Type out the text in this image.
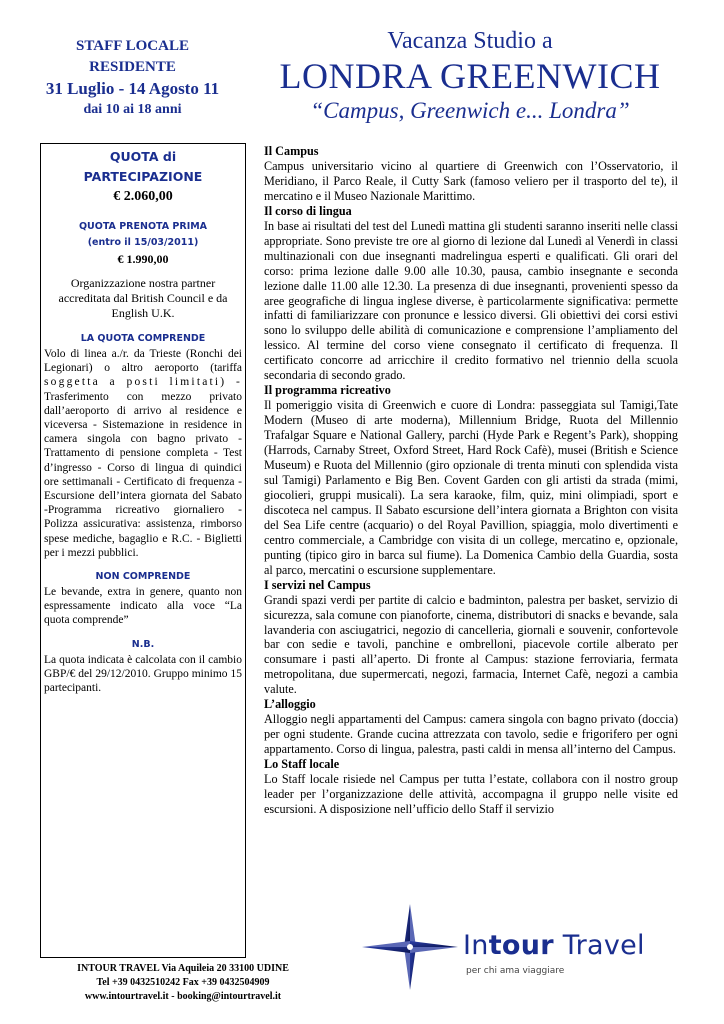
STAFF LOCALE
RESIDENTE
31 Luglio - 14 Agosto 11
dai 10 ai 18 anni
Vacanza Studio a
LONDRA GREENWICH
“Campus, Greenwich e... Londra”
QUOTA di
PARTECIPAZIONE
€ 2.060,00
QUOTA PRENOTA PRIMA
(entro il 15/03/2011)
€ 1.990,00
Organizzazione nostra partner accreditata dal British Council e da English U.K.
LA QUOTA COMPRENDE
Volo di linea a./r. da Trieste (Ronchi dei Legionari) o altro aeroporto (tariffa soggetta a posti limitati) - Trasferimento con mezzo privato dall’aeroporto di arrivo al residence e viceversa - Sistemazione in residence in camera singola con bagno privato - Trattamento di pensione completa - Test d’ingresso - Corso di lingua di quindici ore settimanali - Certificato di frequenza - Escursione dell’intera giornata del Sabato -Programma ricreativo giornaliero - Polizza assicurativa: assistenza, rimborso spese mediche, bagaglio e R.C. - Biglietti per i mezzi pubblici.
NON COMPRENDE
Le bevande, extra in genere, quanto non espressamente indicato alla voce “La quota comprende”
N.B.
La quota indicata è calcolata con il cambio GBP/€ del 29/12/2010. Gruppo minimo 15 partecipanti.

Il Campus

Campus universitario vicino al quartiere di Greenwich con l’Osservatorio, il Meridiano, il Parco Reale, il Cutty Sark (famoso veliero per il trasporto del te), il mercatino e il Museo Nazionale Marittimo.

Il corso di lingua

In base ai risultati del test del Lunedì mattina gli studenti saranno inseriti nelle classi appropriate. Sono previste tre ore al giorno di lezione dal Lunedì al Venerdì in classi multinazionali con due insegnanti madrelingua esperti e qualificati. Gli orari del corso: prima lezione dalle 9.00 alle 10.30, pausa, cambio insegnante e seconda lezione dalle 11.00 alle 12.30. La presenza di due insegnanti, provenienti spesso da aree geografiche di lingua inglese diverse, è particolarmente significativa: permette infatti di familiarizzare con pronunce e lessico diversi. Gli obiettivi dei corsi estivi sono lo sviluppo delle abilità di comunicazione e comprensione l’ampliamento del lessico. Al termine del corso viene consegnato il certificato di frequenza. Il certificato concorre ad arricchire il credito formativo nel triennio della scuola secondaria di secondo grado.

Il programma ricreativo

Il pomeriggio visita di Greenwich e cuore di Londra: passeggiata sul Tamigi,Tate Modern (Museo di arte moderna), Millennium Bridge, Ruota del Millennio Trafalgar Square e National Gallery, parchi (Hyde Park e Regent’s Park), shopping (Harrods, Carnaby Street, Oxford Street, Hard Rock Cafè), musei (British e Science Museum) e Ruota del Millennio (giro opzionale di trenta minuti con splendida vista sul Tamigi) Parlamento e Big Ben. Covent Garden con gli artisti da strada (mimi, giocolieri, gruppi musicali). La sera karaoke, film, quiz, mini olimpiadi, sport e discoteca nel campus. Il Sabato escursione dell’intera giornata a Brighton con visita del Sea Life centre (acquario) o del Royal Pavillion, spiaggia, molo divertimenti e centro commerciale, a Cambridge con visita di un college, mercatino e, opzionale, punting (tipico giro in barca sul fiume). La Domenica Cambio della Guardia, sosta al parco, mercatini o escursione supplementare.

I servizi nel Campus

Grandi spazi verdi per partite di calcio e badminton, palestra per basket, servizio di sicurezza, sala comune con pianoforte, cinema, distributori di snacks e bevande, sala lavanderia con asciugatrici, negozio di cancelleria, giornali e souvenir, confortevole bar con sedie e tavoli, panchine e ombrelloni, piacevole cortile alberato per consumare i pasti all’aperto. Di fronte al Campus: stazione ferroviaria, fermata metropolitana, due supermercati, negozi, farmacia, Internet Cafè, negozi a cambia valute.

L’alloggio

Alloggio negli appartamenti del Campus: camera singola con bagno privato (doccia) per ogni studente. Grande cucina attrezzata con tavolo, sedie e frigorifero per ogni appartamento. Corso di lingua, palestra, pasti caldi in mensa all’interno del Campus.

Lo Staff locale

Lo Staff locale risiede nel Campus per tutta l’estate, collabora con il nostro group leader per l’organizzazione delle attività, accompagna il gruppo nelle visite ed escursioni. A disposizione nell’ufficio dello Staff il servizio

INTOUR TRAVEL Via Aquileia 20 33100 UDINE
Tel +39 0432510242 Fax +39 0432504909
www.intourtravel.it - booking@intourtravel.it
Intour Travel
per chi ama viaggiare
